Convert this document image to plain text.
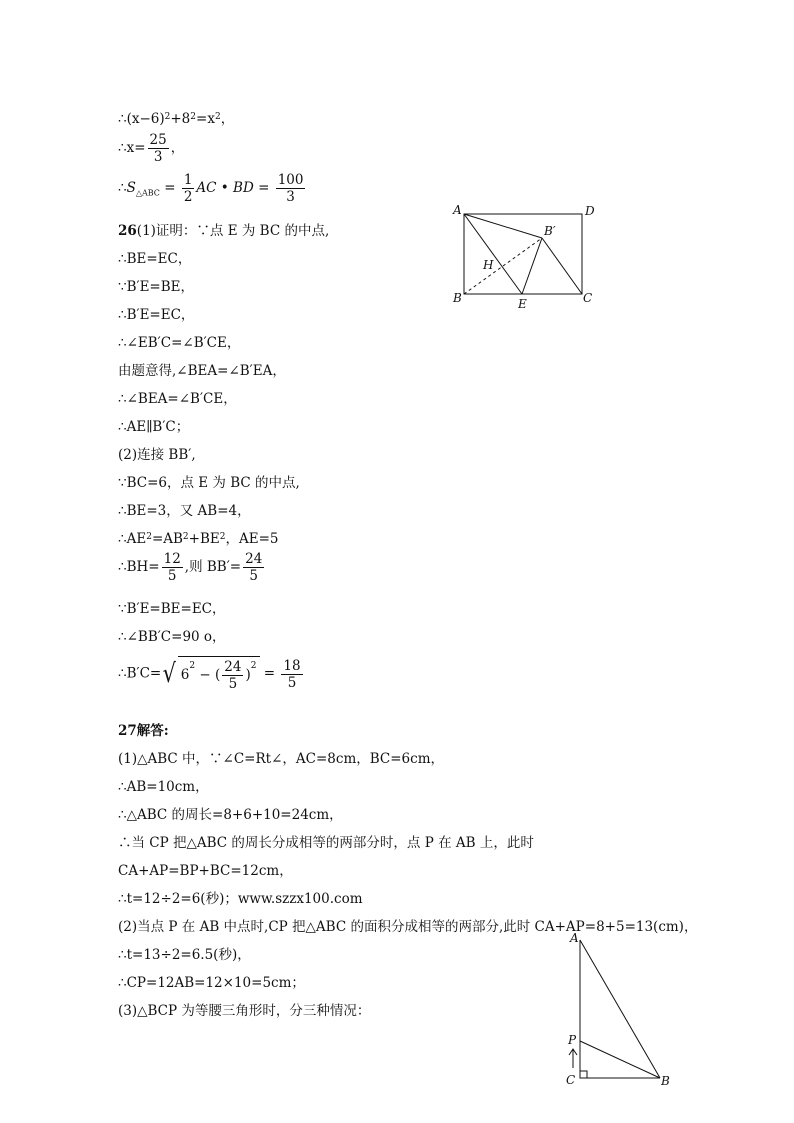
$\therefore(x-6)^2+8^2=x^2$，
∴x= $\frac{25}{3}$ ，
$\therefore S_{\triangle ABC} = \frac{1}{2}$ AC • BD = $\frac{100}{3}$
26(1)证明：∵点 E 为 BC 的中点,
∴BE=EC，
∵B′E=BE，
∴B′E=EC，
∴∠EB′C=∠B′CE，
由题意得,∠BEA=∠B′EA，
∴∠BEA=∠B′CE，
∴AE∥B′C；
(2)连接 BB′,
∵BC=6，点 E 为 BC 的中点,
∴BE=3，又 AB=4，
$\therefore AE^2=AB^2+BE^2$，AE=5
∴BH= $\frac{12}{5}$ ,则 $BB'= \frac{24}{5}$
∵B′E=BE=EC，
∴∠BB′C=90 o，
∴B′C=√ $6^2$ − ( $\frac{24}{5} )^2 = \frac{18}{5}$
27解答:
(1)△ABC 中，∵∠C=Rt∠，AC=8cm，BC=6cm，
∴AB=10cm，
∴△ABC 的周长=8+6+10=24cm，
∴当 CP 把△ABC 的周长分成相等的两部分时，点 P 在 AB 上，此时
CA+AP=BP+BC=12cm，
∴t=12÷2=6(秒)；www.szzx100.com
(2)当点 P 在 AB 中点时,CP 把△ABC 的面积分成相等的两部分,此时 CA+AP=8+5=13(cm)，
∴t=13÷2=6.5(秒)，
∴CP=12AB=12×10=5cm；
(3)△BCP 为等腰三角形时，分三种情况：
A	D
B′
H
B	E	C
A
P
C	B
